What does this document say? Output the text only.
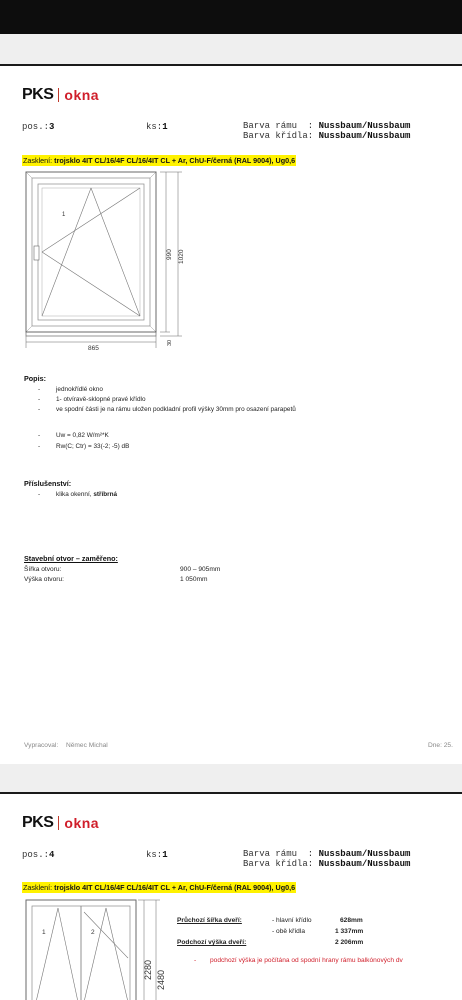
PKS okna
pos.:3	ks:1	Barva rámu  : Nussbaum/Nussbaum
Barva křídla: Nussbaum/Nussbaum
Zasklení: trojsklo 4IT CL/16/4F CL/16/4IT CL + Ar, ChU-F/černá (RAL 9004), Ug0,6
1
865
990 1020
30
Popis:
- jednokřídlé okno
- 1- otvíravě-sklopné pravé křídlo
- ve spodní části je na rámu uložen podkladní profil výšky 30mm pro osazení parapetů
- Uw = 0,82 W/m²*K
- Rw(C; Ctr) = 33(-2; -5) dB
Příslušenství:
- klika okenní, stříbrná
Stavební otvor – zaměřeno:
Šířka otvoru:	900 – 905mm
Výška otvoru:	1 050mm
Vypracoval: Němec Michal	Dne: 25.
PKS okna
pos.:4	ks:1	Barva rámu  : Nussbaum/Nussbaum
Barva křídla: Nussbaum/Nussbaum
Zasklení: trojsklo 4IT CL/16/4F CL/16/4IT CL + Ar, ChU-F/černá (RAL 9004), Ug0,6
1	2
2280 2480
Průchozí šířka dveří:	- hlavní křídlo	628mm
- obě křídla	1 337mm
Podchozí výška dveří:	2 206mm
- podchozí výška je počítána od spodní hrany rámu balkónových dv
